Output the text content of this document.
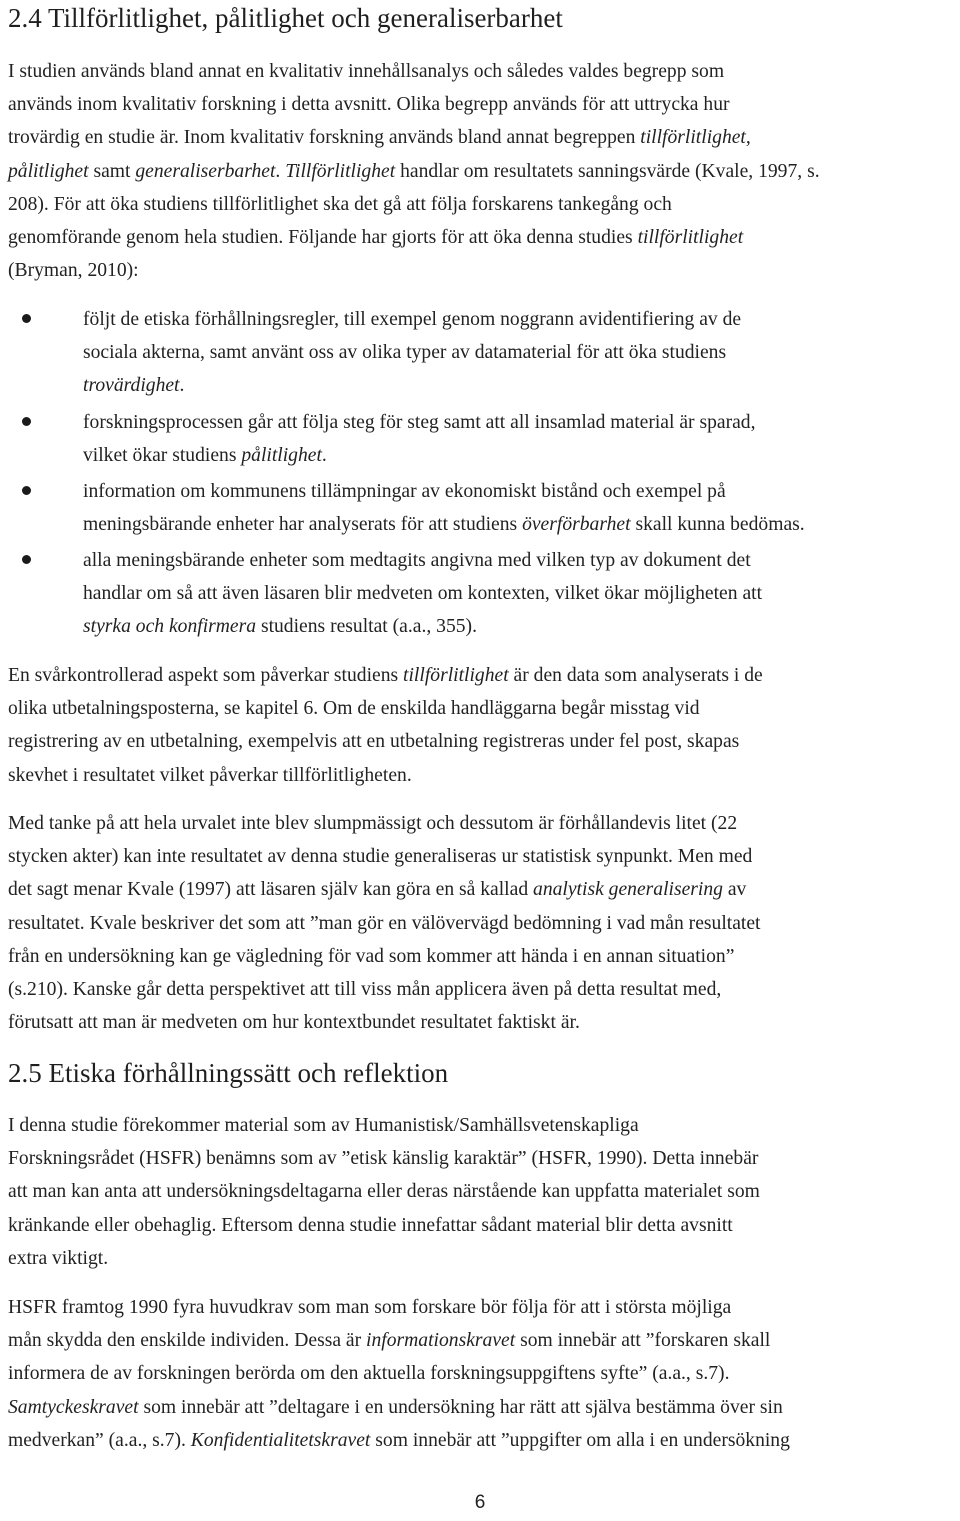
2.4 Tillförlitlighet, pålitlighet och generaliserbarhet

I studien används bland annat en kvalitativ innehållsanalys och således valdes begrepp som
används inom kvalitativ forskning i detta avsnitt. Olika begrepp används för att uttrycka hur
trovärdig en studie är. Inom kvalitativ forskning används bland annat begreppen tillförlitlighet,
pålitlighet samt generaliserbarhet. Tillförlitlighet handlar om resultatets sanningsvärde (Kvale, 1997, s.
208). För att öka studiens tillförlitlighet ska det gå att följa forskarens tankegång och
genomförande genom hela studien. Följande har gjorts för att öka denna studies tillförlitlighet
(Bryman, 2010):

följt de etiska förhållningsregler, till exempel genom noggrann avidentifiering av de
sociala akterna, samt använt oss av olika typer av datamaterial för att öka studiens
trovärdighet.

forskningsprocessen går att följa steg för steg samt att all insamlad material är sparad,
vilket ökar studiens pålitlighet.

information om kommunens tillämpningar av ekonomiskt bistånd och exempel på
meningsbärande enheter har analyserats för att studiens överförbarhet skall kunna bedömas.

alla meningsbärande enheter som medtagits angivna med vilken typ av dokument det
handlar om så att även läsaren blir medveten om kontexten, vilket ökar möjligheten att
styrka och konfirmera studiens resultat (a.a., 355).

En svårkontrollerad aspekt som påverkar studiens tillförlitlighet är den data som analyserats i de
olika utbetalningsposterna, se kapitel 6. Om de enskilda handläggarna begår misstag vid
registrering av en utbetalning, exempelvis att en utbetalning registreras under fel post, skapas
skevhet i resultatet vilket påverkar tillförlitligheten.

Med tanke på att hela urvalet inte blev slumpmässigt och dessutom är förhållandevis litet (22
stycken akter) kan inte resultatet av denna studie generaliseras ur statistisk synpunkt. Men med
det sagt menar Kvale (1997) att läsaren själv kan göra en så kallad analytisk generalisering av
resultatet. Kvale beskriver det som att ”man gör en välövervägd bedömning i vad mån resultatet
från en undersökning kan ge vägledning för vad som kommer att hända i en annan situation”
(s.210). Kanske går detta perspektivet att till viss mån applicera även på detta resultat med,
förutsatt att man är medveten om hur kontextbundet resultatet faktiskt är.

2.5 Etiska förhållningssätt och reflektion

I denna studie förekommer material som av Humanistisk/Samhällsvetenskapliga
Forskningsrådet (HSFR) benämns som av ”etisk känslig karaktär” (HSFR, 1990). Detta innebär
att man kan anta att undersökningsdeltagarna eller deras närstående kan uppfatta materialet som
kränkande eller obehaglig. Eftersom denna studie innefattar sådant material blir detta avsnitt
extra viktigt.

HSFR framtog 1990 fyra huvudkrav som man som forskare bör följa för att i största möjliga
mån skydda den enskilde individen. Dessa är informationskravet som innebär att ”forskaren skall
informera de av forskningen berörda om den aktuella forskningsuppgiftens syfte” (a.a., s.7).
Samtyckeskravet som innebär att ”deltagare i en undersökning har rätt att själva bestämma över sin
medverkan” (a.a., s.7). Konfidentialitetskravet som innebär att ”uppgifter om alla i en undersökning

6
